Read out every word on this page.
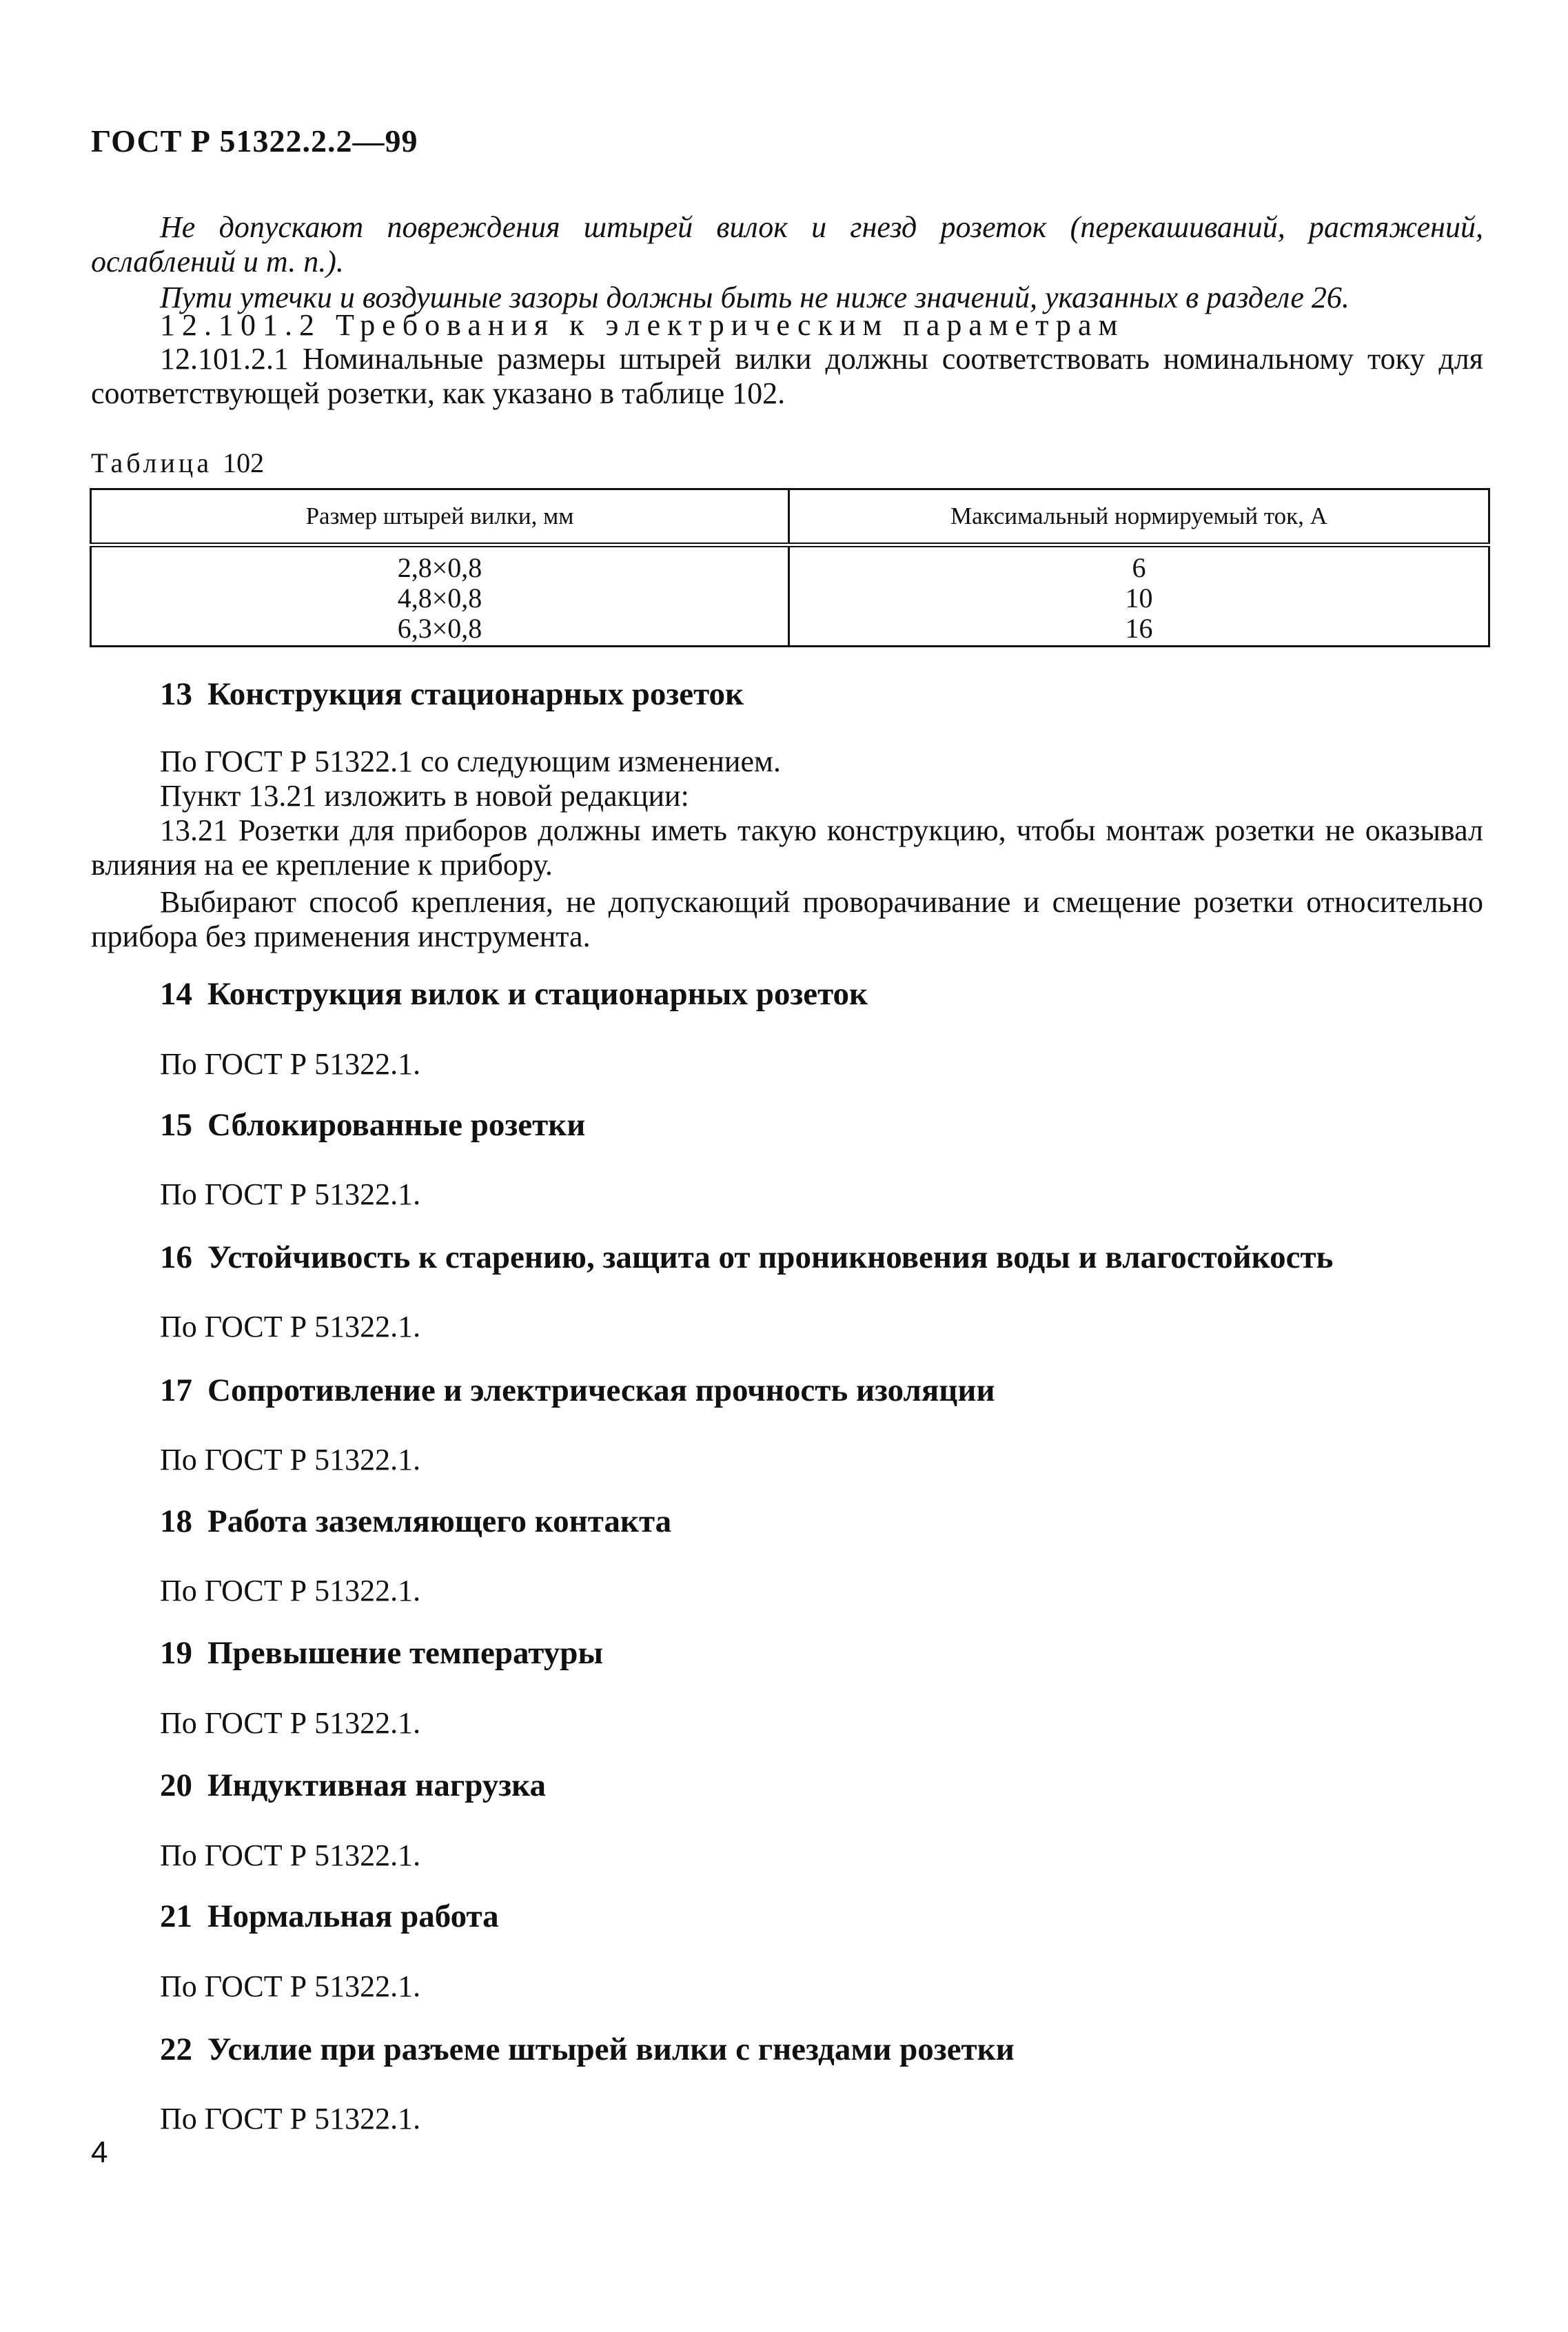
ГОСТ Р 51322.2.2—99

Не допускают повреждения штырей вилок и гнезд розеток (перекашиваний, растяжений, ослаблений и т. п.).

Пути утечки и воздушные зазоры должны быть не ниже значений, указанных в разделе 26.

12.101.2 Требования к электрическим параметрам

12.101.2.1 Номинальные размеры штырей вилки должны соответствовать номинальному току для соответствующей розетки, как указано в таблице 102.

Таблица 102
Размер штырей вилки, мм	Максимальный нормируемый ток, А
2,8×0,8	6
4,8×0,8	10
6,3×0,8	16
13 Конструкция стационарных розеток

По ГОСТ Р 51322.1 со следующим изменением.

Пункт 13.21 изложить в новой редакции:

13.21 Розетки для приборов должны иметь такую конструкцию, чтобы монтаж розетки не оказывал влияния на ее крепление к прибору.

Выбирают способ крепления, не допускающий проворачивание и смещение розетки относительно прибора без применения инструмента.

14 Конструкция вилок и стационарных розеток
По ГОСТ Р 51322.1.
15 Сблокированные розетки
По ГОСТ Р 51322.1.
16 Устойчивость к старению, защита от проникновения воды и влагостойкость
По ГОСТ Р 51322.1.
17 Сопротивление и электрическая прочность изоляции
По ГОСТ Р 51322.1.
18 Работа заземляющего контакта
По ГОСТ Р 51322.1.
19 Превышение температуры
По ГОСТ Р 51322.1.
20 Индуктивная нагрузка
По ГОСТ Р 51322.1.
21 Нормальная работа
По ГОСТ Р 51322.1.
22 Усилие при разъеме штырей вилки с гнездами розетки
По ГОСТ Р 51322.1.
4
